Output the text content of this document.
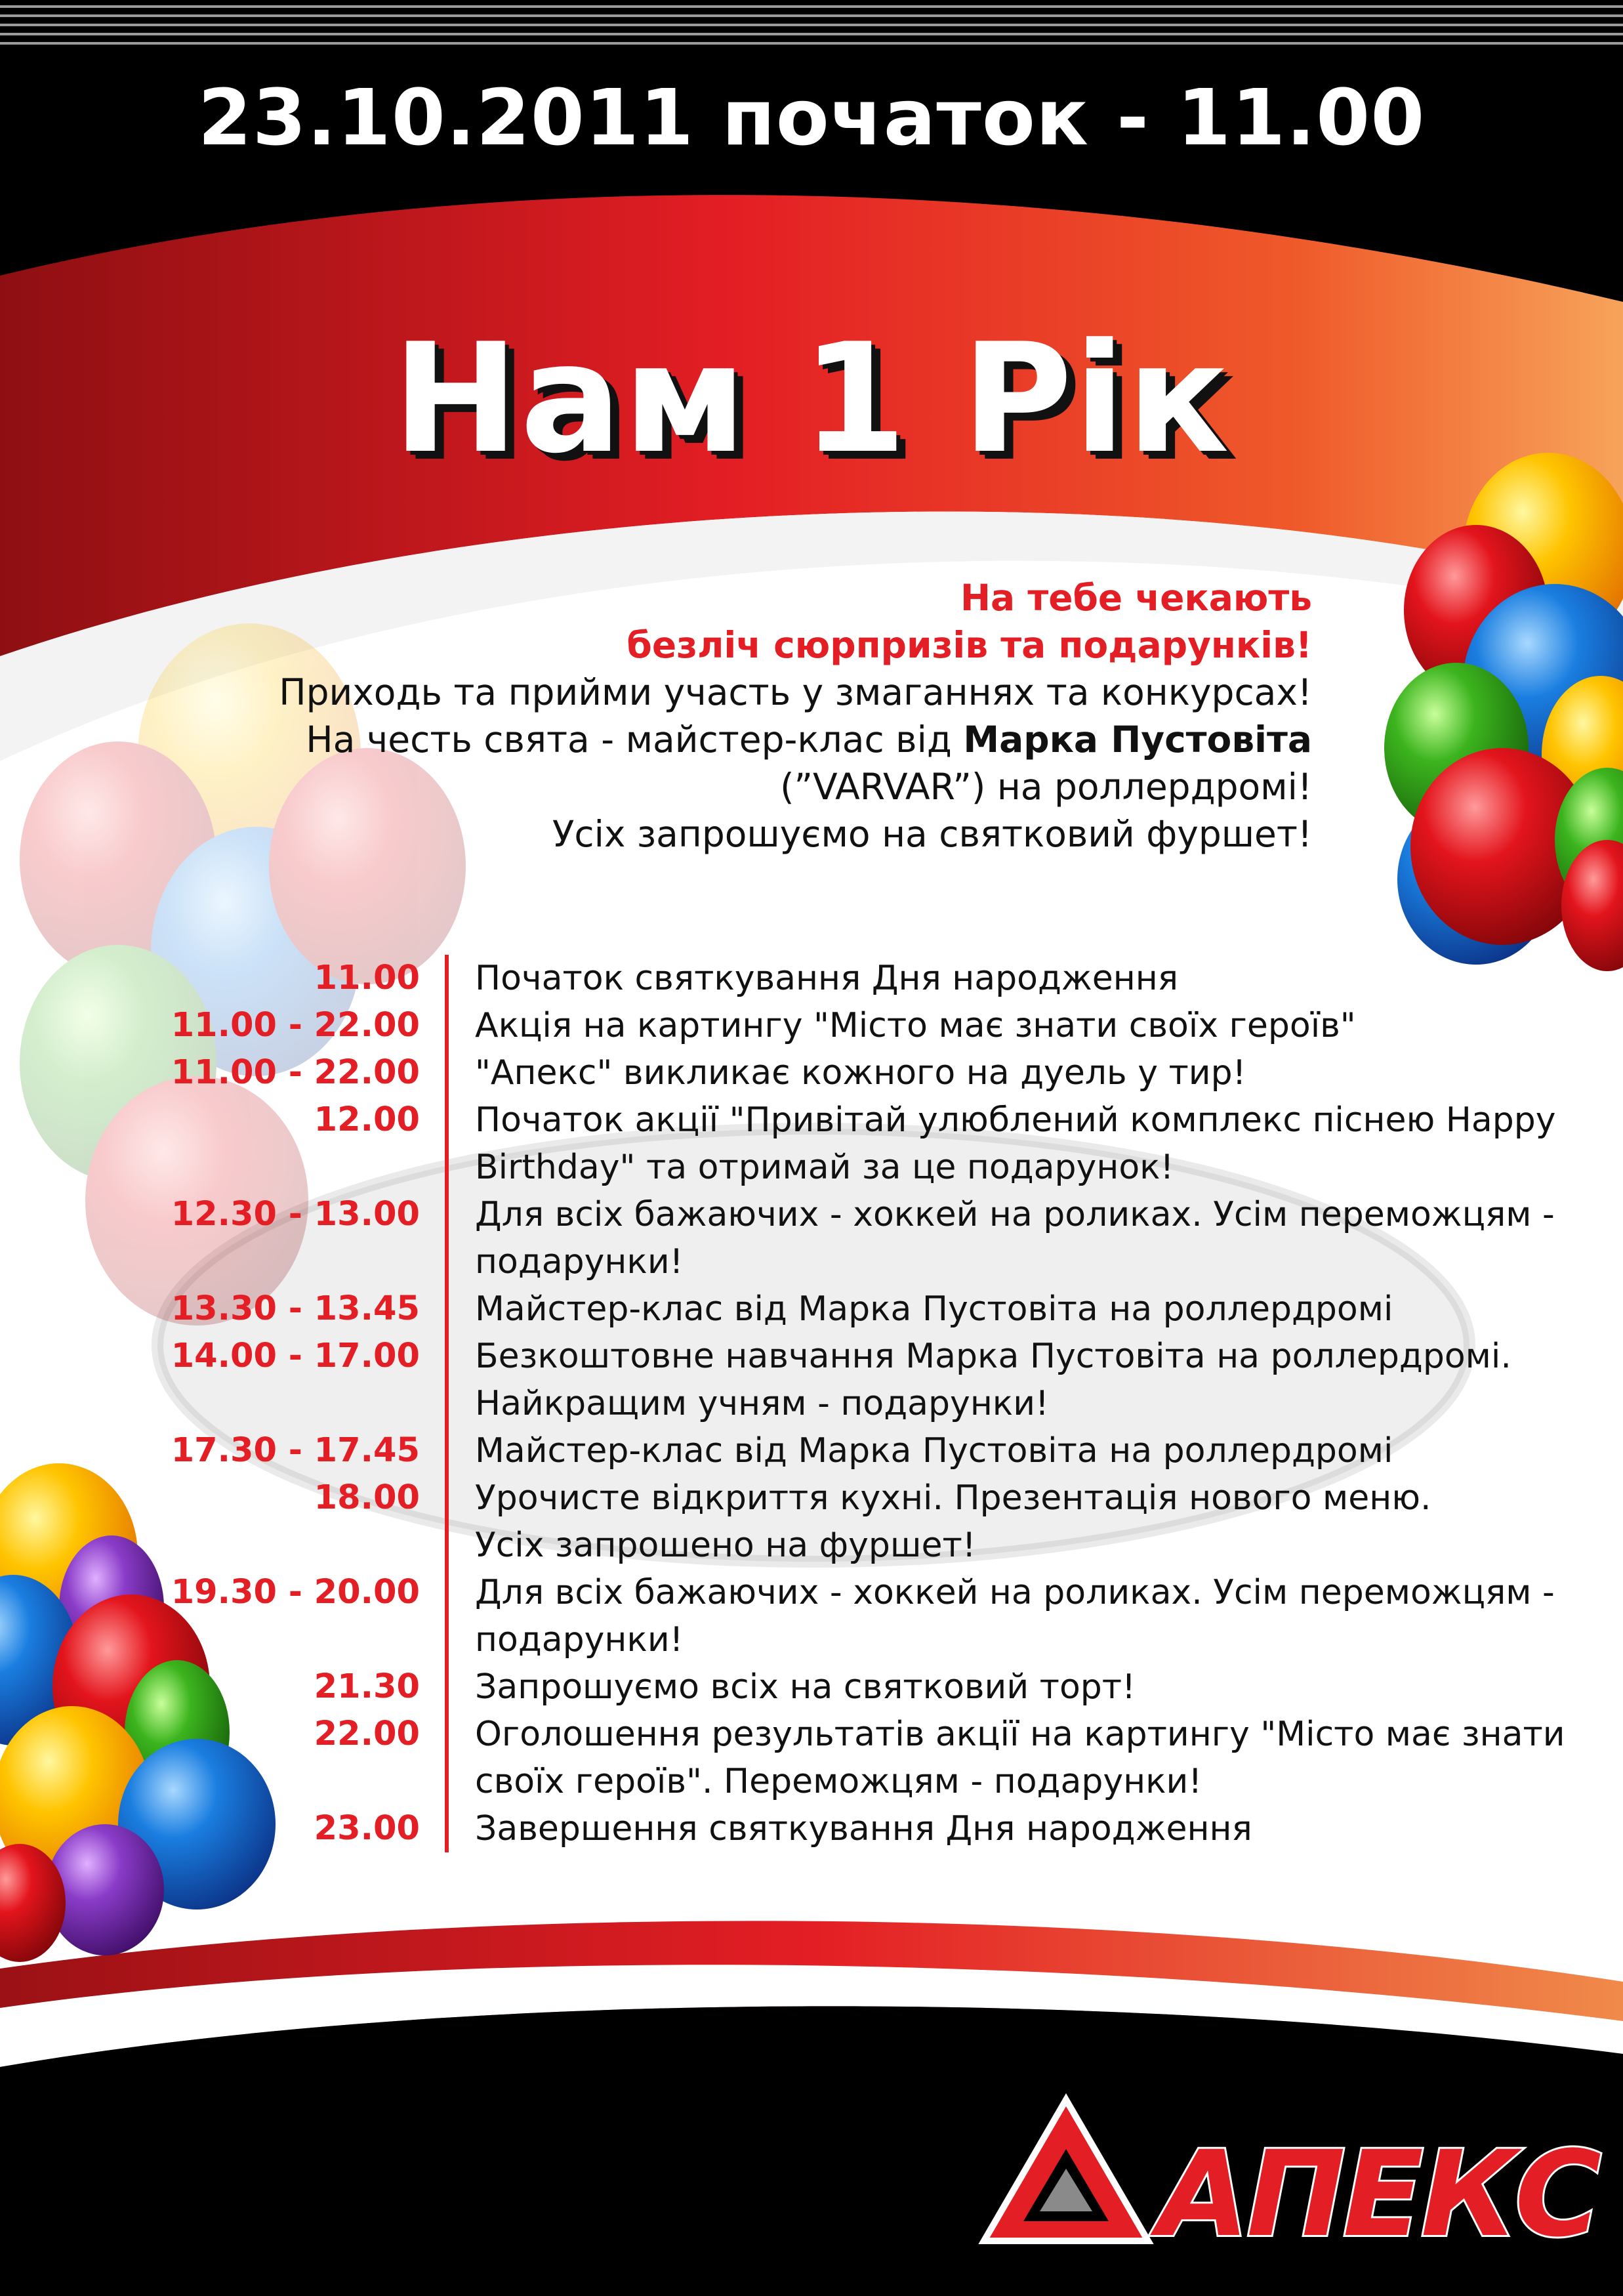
23.10.2011 початок - 11.00
Нам 1 Рік
На тебе чекають
безліч сюрпризів та подарунків!
Приходь та прийми участь у змаганнях та конкурсах!
На честь свята - майстер-клас від Марка Пустовіта
(”VARVAR”) на роллердромі!
Усіх запрошуємо на святковий фуршет!
11.00 Початок святкування Дня народження
11.00 - 22.00 Акція на картингу "Місто має знати своїх героїв"
11.00 - 22.00 "Апекс" викликає кожного на дуель у тир!
12.00 Початок акції "Привітай улюблений комплекс піснею Happy
Birthday" та отримай за це подарунок!
12.30 - 13.00 Для всіх бажаючих - хоккей на роликах. Усім переможцям -
подарунки!
13.30 - 13.45 Майстер-клас від Марка Пустовіта на роллердромі
14.00 - 17.00 Безкоштовне навчання Марка Пустовіта на роллердромі.
Найкращим учням - подарунки!
17.30 - 17.45 Майстер-клас від Марка Пустовіта на роллердромі
18.00 Урочисте відкриття кухні. Презентація нового меню.
Усіх запрошено на фуршет!
19.30 - 20.00 Для всіх бажаючих - хоккей на роликах. Усім переможцям -
подарунки!
21.30 Запрошуємо всіх на святковий торт!
22.00 Оголошення результатів акції на картингу "Місто має знати
своїх героїв". Переможцям - подарунки!
23.00 Завершення святкування Дня народження
АПЕКС
